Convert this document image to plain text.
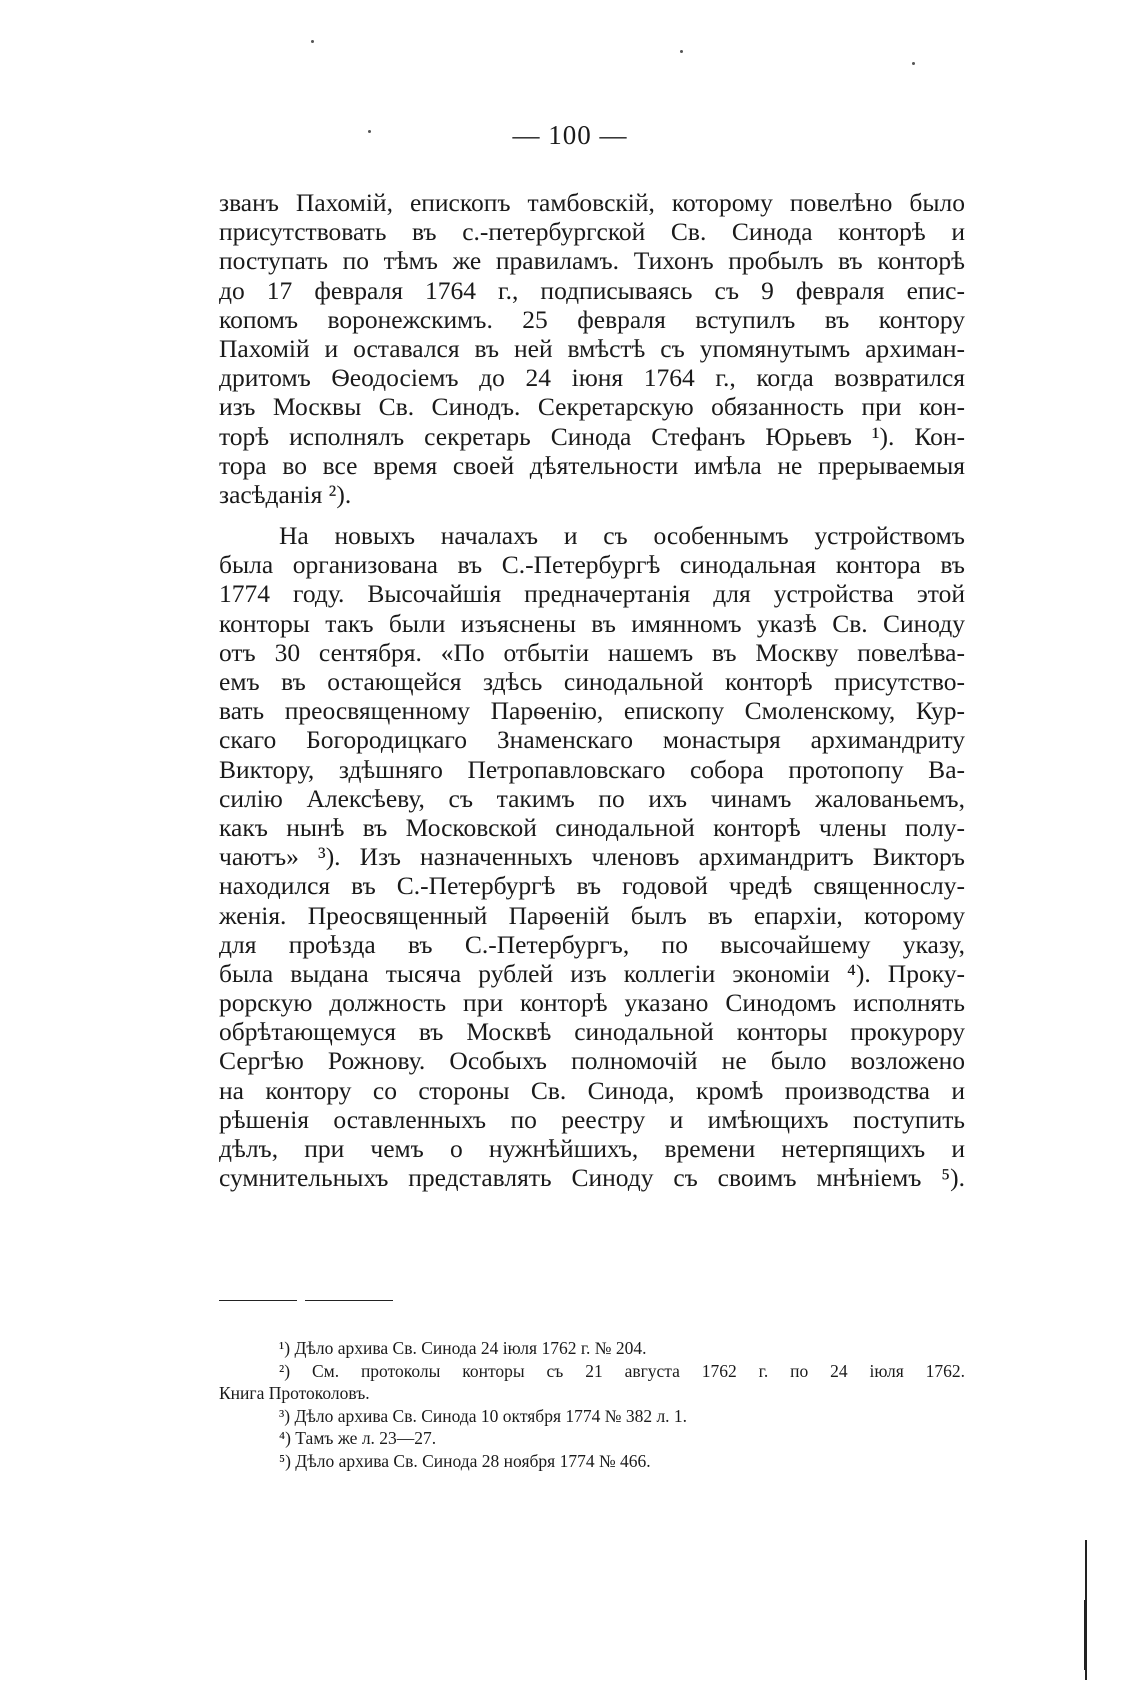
— 100 —

званъ Пахомій, епископъ тамбовскій, которому повелѣно было
присутствовать въ с.-петербургской Св. Синода конторѣ и
поступать по тѣмъ же правиламъ. Тихонъ пробылъ въ конторѣ
до 17 февраля 1764 г., подписываясь съ 9 февраля епис-
копомъ воронежскимъ. 25 февраля вступилъ въ контору
Пахомій и оставался въ ней вмѣстѣ съ упомянутымъ архиман-
дритомъ Ѳеодосіемъ до 24 іюня 1764 г., когда возвратился
изъ Москвы Св. Синодъ. Секретарскую обязанность при кон-
торѣ исполнялъ секретарь Синода Стефанъ Юрьевъ ¹). Кон-
тора во все время своей дѣятельности имѣла не прерываемыя
засѣданія ²).

На новыхъ началахъ и съ особеннымъ устройствомъ
была организована въ С.-Петербургѣ синодальная контора въ
1774 году. Высочайшія предначертанія для устройства этой
конторы такъ были изъяснены въ имянномъ указѣ Св. Синоду
отъ 30 сентября. «По отбытіи нашемъ въ Москву повелѣва-
емъ въ остающейся здѣсь синодальной конторѣ присутство-
вать преосвященному Парѳенію, епископу Смоленскому, Кур-
скаго Богородицкаго Знаменскаго монастыря архимандриту
Виктору, здѣшняго Петропавловскаго собора протопопу Ва-
силію Алексѣеву, съ такимъ по ихъ чинамъ жалованьемъ,
какъ нынѣ въ Московской синодальной конторѣ члены полу-
чаютъ» ³). Изъ назначенныхъ членовъ архимандритъ Викторъ
находился въ С.-Петербургѣ въ годовой чредѣ священнослу-
женія. Преосвященный Парѳеній былъ въ епархіи, которому
для проѣзда въ С.-Петербургъ, по высочайшему указу,
была выдана тысяча рублей изъ коллегіи экономіи ⁴). Проку-
рорскую должность при конторѣ указано Синодомъ исполнять
обрѣтающемуся въ Москвѣ синодальной конторы прокурору
Сергѣю Рожнову. Особыхъ полномочій не было возложено
на контору со стороны Св. Синода, кромѣ производства и
рѣшенія оставленныхъ по реестру и имѣющихъ поступить
дѣлъ, при чемъ о нужнѣйшихъ, времени нетерпящихъ и
сумнительныхъ представлять Синоду съ своимъ мнѣніемъ ⁵).

¹) Дѣло архива Св. Синода 24 іюля 1762 г. № 204.
²) См. протоколы конторы съ 21 августа 1762 г. по 24 іюля 1762.
Книга Протоколовъ.
³) Дѣло архива Св. Синода 10 октября 1774 № 382 л. 1.
⁴) Тамъ же л. 23—27.
⁵) Дѣло архива Св. Синода 28 ноября 1774 № 466.
